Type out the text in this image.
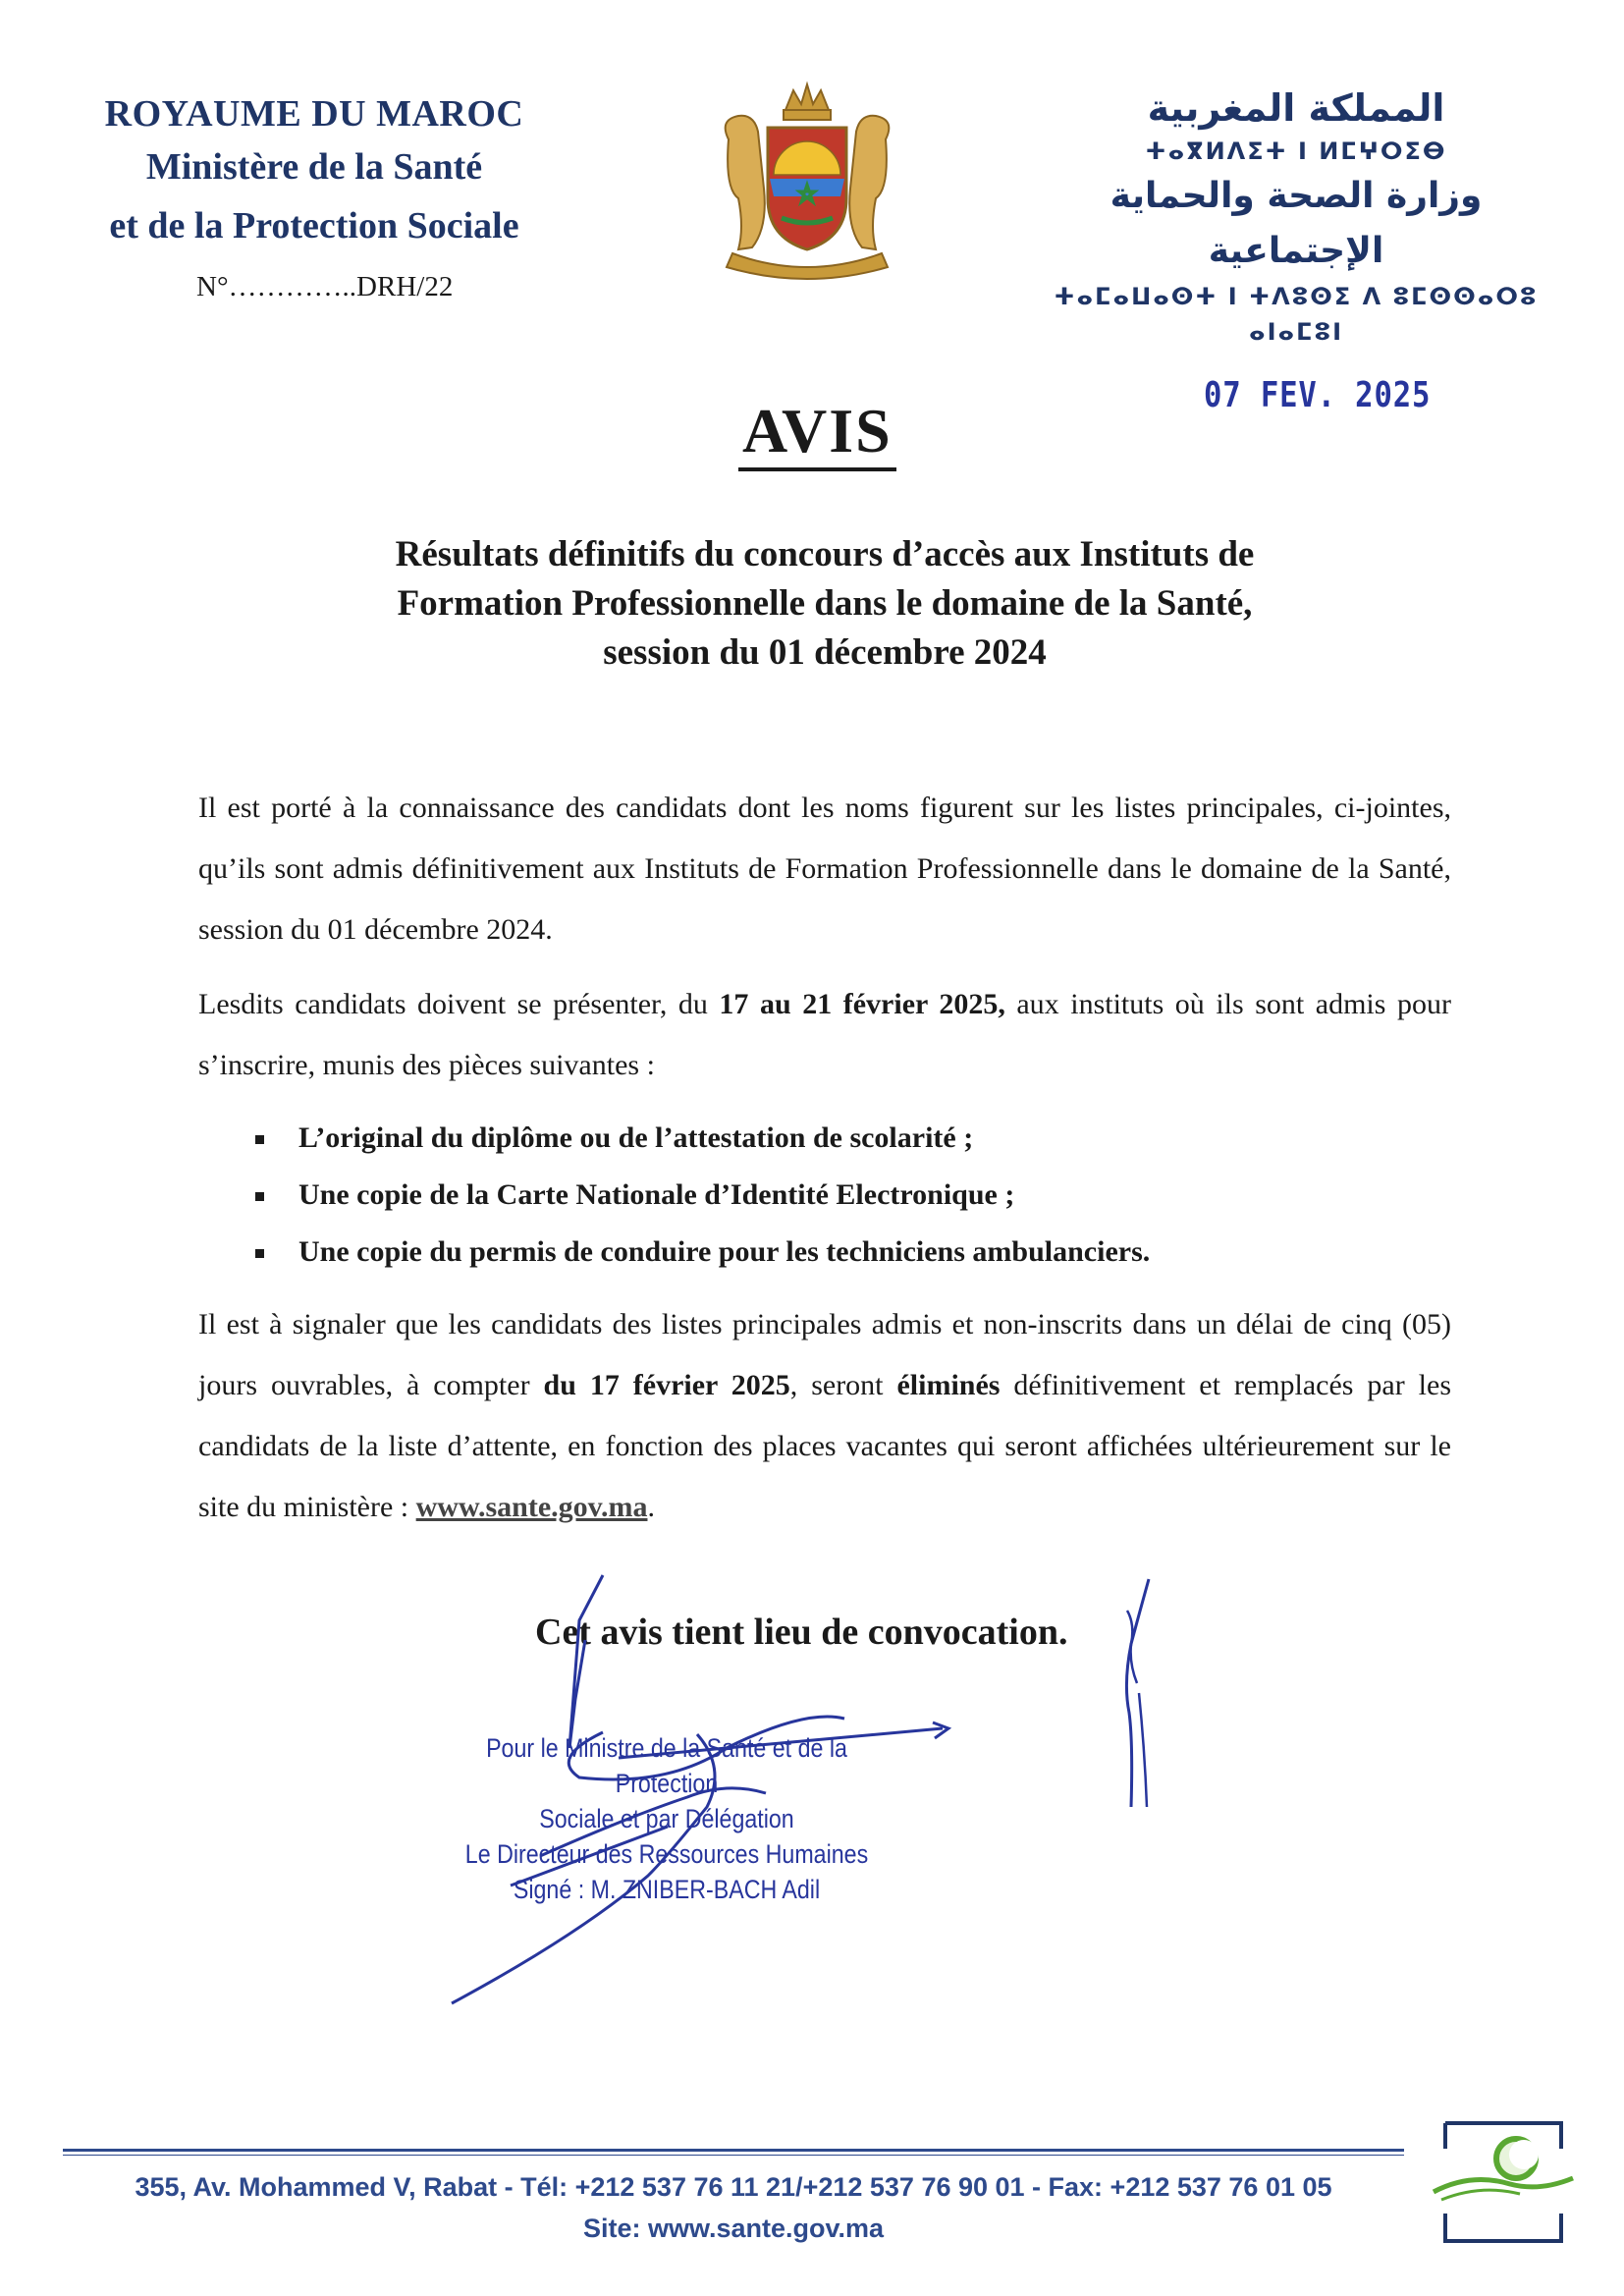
ROYAUME DU MAROC
Ministère de la Santé
et de la Protection Sociale
N°…………..DRH/22
المملكة المغربية
ⵜⴰⴳⵍⴷⵉⵜ ⵏ ⵍⵎⵖⵔⵉⴱ
وزارة الصحة والحماية الإجتماعية
ⵜⴰⵎⴰⵡⴰⵙⵜ ⵏ ⵜⴷⵓⵙⵉ ⴷ ⵓⵎⵙⵙⴰⵔⵓ ⴰⵏⴰⵎⵓⵏ
07 FEV. 2025
AVIS
Résultats définitifs du concours d’accès aux Instituts de
Formation Professionnelle dans le domaine de la Santé,
session du 01 décembre 2024

Il est porté à la connaissance des candidats dont les noms figurent sur les listes principales, ci-jointes, qu’ils sont admis définitivement aux Instituts de Formation Professionnelle dans le domaine de la Santé, session du 01 décembre 2024.

Lesdits candidats doivent se présenter, du 17 au 21 février 2025, aux instituts où ils sont admis pour s’inscrire, munis des pièces suivantes :

L’original du diplôme ou de l’attestation de scolarité ;
Une copie de la Carte Nationale d’Identité Electronique ;
Une copie du permis de conduire pour les techniciens ambulanciers.

Il est à signaler que les candidats des listes principales admis et non-inscrits dans un délai de cinq (05) jours ouvrables, à compter du 17 février 2025, seront éliminés définitivement et remplacés par les candidats de la liste d’attente, en fonction des places vacantes qui seront affichées ultérieurement sur le site du ministère : www.sante.gov.ma.

Cet avis tient lieu de convocation.
Pour le Ministre de la Santé et de la Protection
Sociale et par Délégation
Le Directeur des Ressources Humaines
Signé : M. ZNIBER-BACH Adil
355, Av. Mohammed V, Rabat - Tél: +212 537 76 11 21/+212 537 76 90 01 - Fax: +212 537 76 01 05
Site: www.sante.gov.ma
